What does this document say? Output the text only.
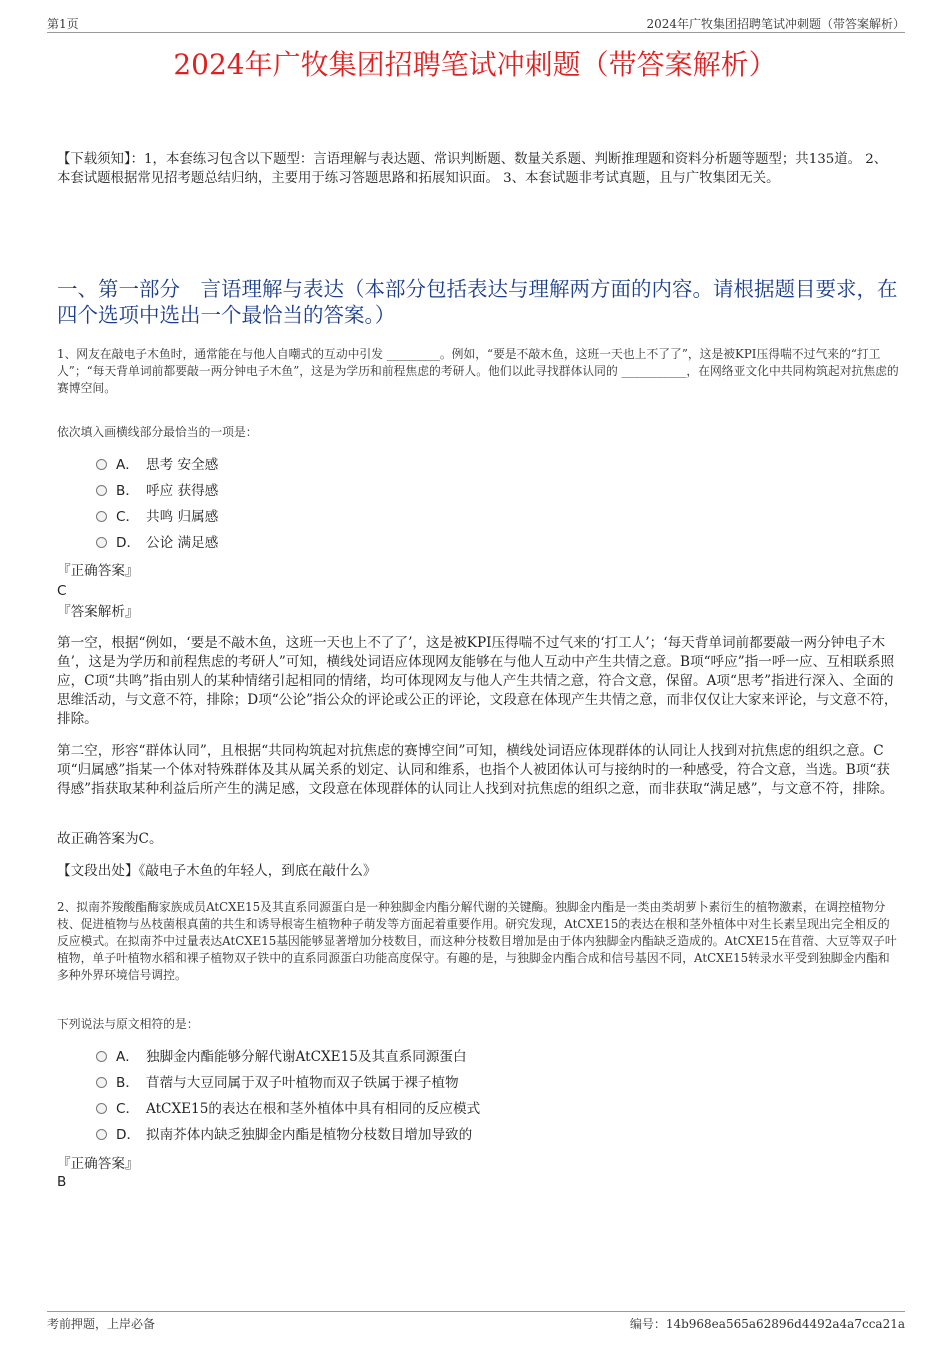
第1页	2024年广牧集团招聘笔试冲刺题（带答案解析）
2024年广牧集团招聘笔试冲刺题（带答案解析）
【下载须知】：1，本套练习包含以下题型：言语理解与表达题、常识判断题、数量关系题、判断推理题和资料分析题等题型；共135道。 2、本套试题根据常见招考题总结归纳，主要用于练习答题思路和拓展知识面。 3、本套试题非考试真题，且与广牧集团无关。
一、第一部分　言语理解与表达（本部分包括表达与理解两方面的内容。请根据题目要求，在四个选项中选出一个最恰当的答案。）

1、网友在敲电子木鱼时，通常能在与他人自嘲式的互动中引发 _________。例如，“要是不敲木鱼，这班一天也上不了了”，这是被KPI压得喘不过气来的“打工人”；“每天背单词前都要敲一两分钟电子木鱼”，这是为学历和前程焦虑的考研人。他们以此寻找群体认同的 ___________，在网络亚文化中共同构筑起对抗焦虑的赛博空间。

依次填入画横线部分最恰当的一项是：
A． 思考 安全感
B． 呼应 获得感
C． 共鸣 归属感
D． 公论 满足感
『正确答案』
C
『答案解析』

第一空，根据“例如，‘要是不敲木鱼，这班一天也上不了了’，这是被KPI压得喘不过气来的‘打工人’；‘每天背单词前都要敲一两分钟电子木鱼’，这是为学历和前程焦虑的考研人”可知，横线处词语应体现网友能够在与他人互动中产生共情之意。B项“呼应”指一呼一应、互相联系照应，C项“共鸣”指由别人的某种情绪引起相同的情绪，均可体现网友与他人产生共情之意，符合文意，保留。A项“思考”指进行深入、全面的思维活动，与文意不符，排除；D项“公论”指公众的评论或公正的评论，文段意在体现产生共情之意，而非仅仅让大家来评论，与文意不符，排除。

第二空，形容“群体认同”，且根据“共同构筑起对抗焦虑的赛博空间”可知，横线处词语应体现群体的认同让人找到对抗焦虑的组织之意。C项“归属感”指某一个体对特殊群体及其从属关系的划定、认同和维系，也指个人被团体认可与接纳时的一种感受，符合文意，当选。B项“获得感”指获取某种利益后所产生的满足感，文段意在体现群体的认同让人找到对抗焦虑的组织之意，而非获取“满足感”，与文意不符，排除。

故正确答案为C。

【文段出处】《敲电子木鱼的年轻人，到底在敲什么》

2、拟南芥羧酸酯酶家族成员AtCXE15及其直系同源蛋白是一种独脚金内酯分解代谢的关键酶。独脚金内酯是一类由类胡萝卜素衍生的植物激素，在调控植物分枝、促进植物与丛枝菌根真菌的共生和诱导根寄生植物种子萌发等方面起着重要作用。研究发现，AtCXE15的表达在根和茎外植体中对生长素呈现出完全相反的反应模式。在拟南芥中过量表达AtCXE15基因能够显著增加分枝数目，而这种分枝数目增加是由于体内独脚金内酯缺乏造成的。AtCXE15在苜蓿、大豆等双子叶植物，单子叶植物水稻和裸子植物双子铁中的直系同源蛋白功能高度保守。有趣的是，与独脚金内酯合成和信号基因不同，AtCXE15转录水平受到独脚金内酯和多种外界环境信号调控。

下列说法与原文相符的是：
A． 独脚金内酯能够分解代谢AtCXE15及其直系同源蛋白
B． 苜蓿与大豆同属于双子叶植物而双子铁属于裸子植物
C． AtCXE15的表达在根和茎外植体中具有相同的反应模式
D． 拟南芥体内缺乏独脚金内酯是植物分枝数目增加导致的
『正确答案』
B
考前押题，上岸必备	编号：14b968ea565a62896d4492a4a7cca21a
